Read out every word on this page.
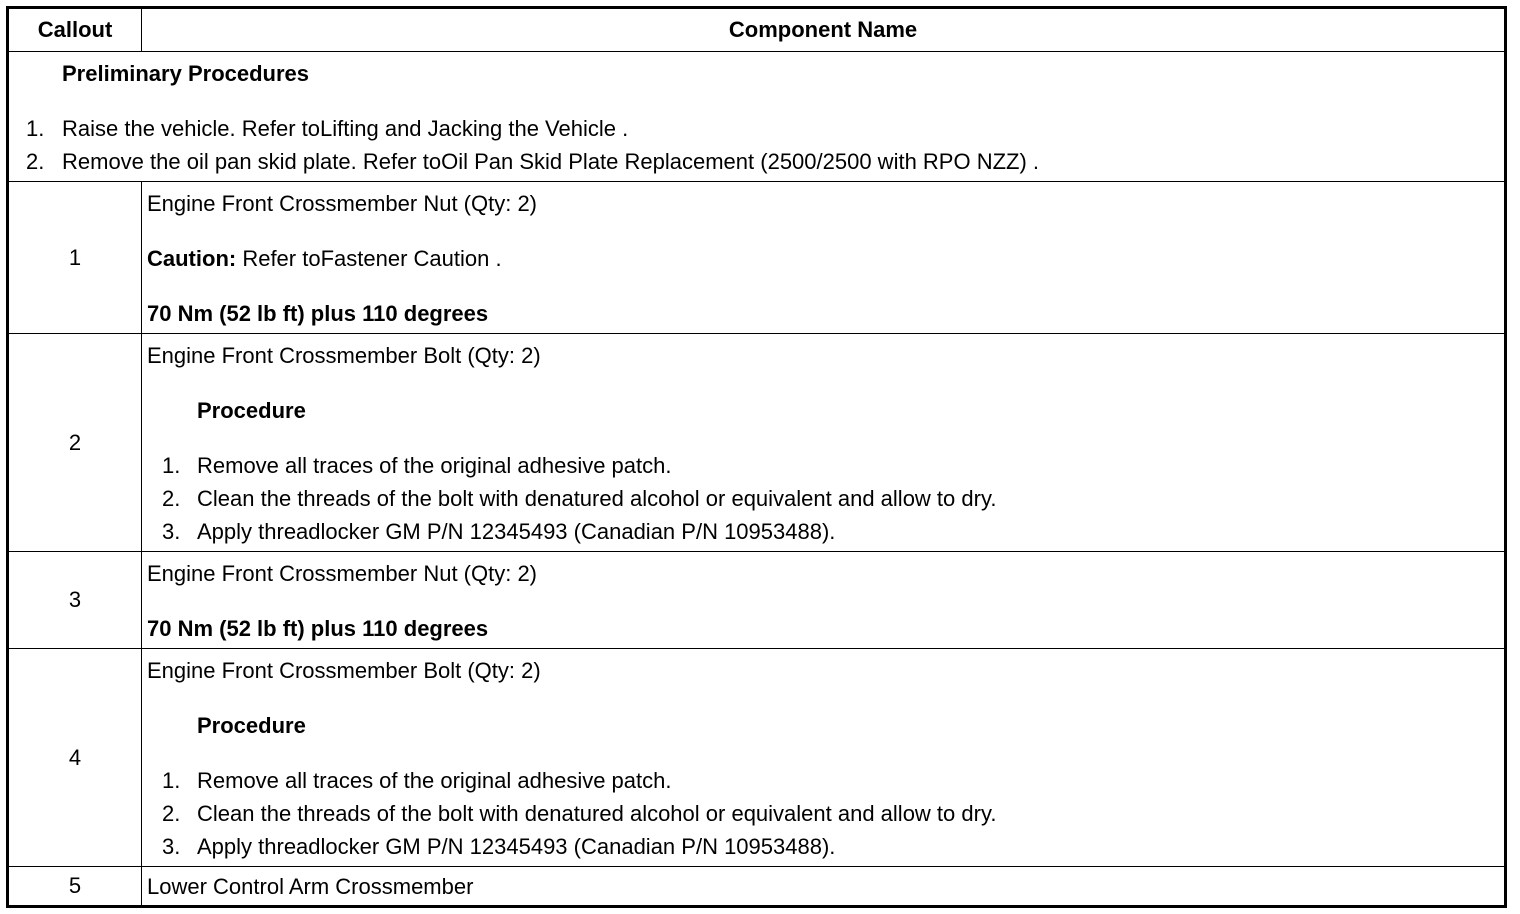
Callout	Component Name
Preliminary Procedures
1. Raise the vehicle. Refer toLifting and Jacking the Vehicle .
2. Remove the oil pan skid plate. Refer toOil Pan Skid Plate Replacement (2500/2500 with RPO NZZ) .
1
Engine Front Crossmember Nut (Qty: 2)
Caution: Refer toFastener Caution .
70 Nm (52 lb ft) plus 110 degrees
2
Engine Front Crossmember Bolt (Qty: 2)
Procedure
1. Remove all traces of the original adhesive patch.
2. Clean the threads of the bolt with denatured alcohol or equivalent and allow to dry.
3. Apply threadlocker GM P/N 12345493 (Canadian P/N 10953488).
3
Engine Front Crossmember Nut (Qty: 2)
70 Nm (52 lb ft) plus 110 degrees
4
Engine Front Crossmember Bolt (Qty: 2)
Procedure
1. Remove all traces of the original adhesive patch.
2. Clean the threads of the bolt with denatured alcohol or equivalent and allow to dry.
3. Apply threadlocker GM P/N 12345493 (Canadian P/N 10953488).
5	Lower Control Arm Crossmember
